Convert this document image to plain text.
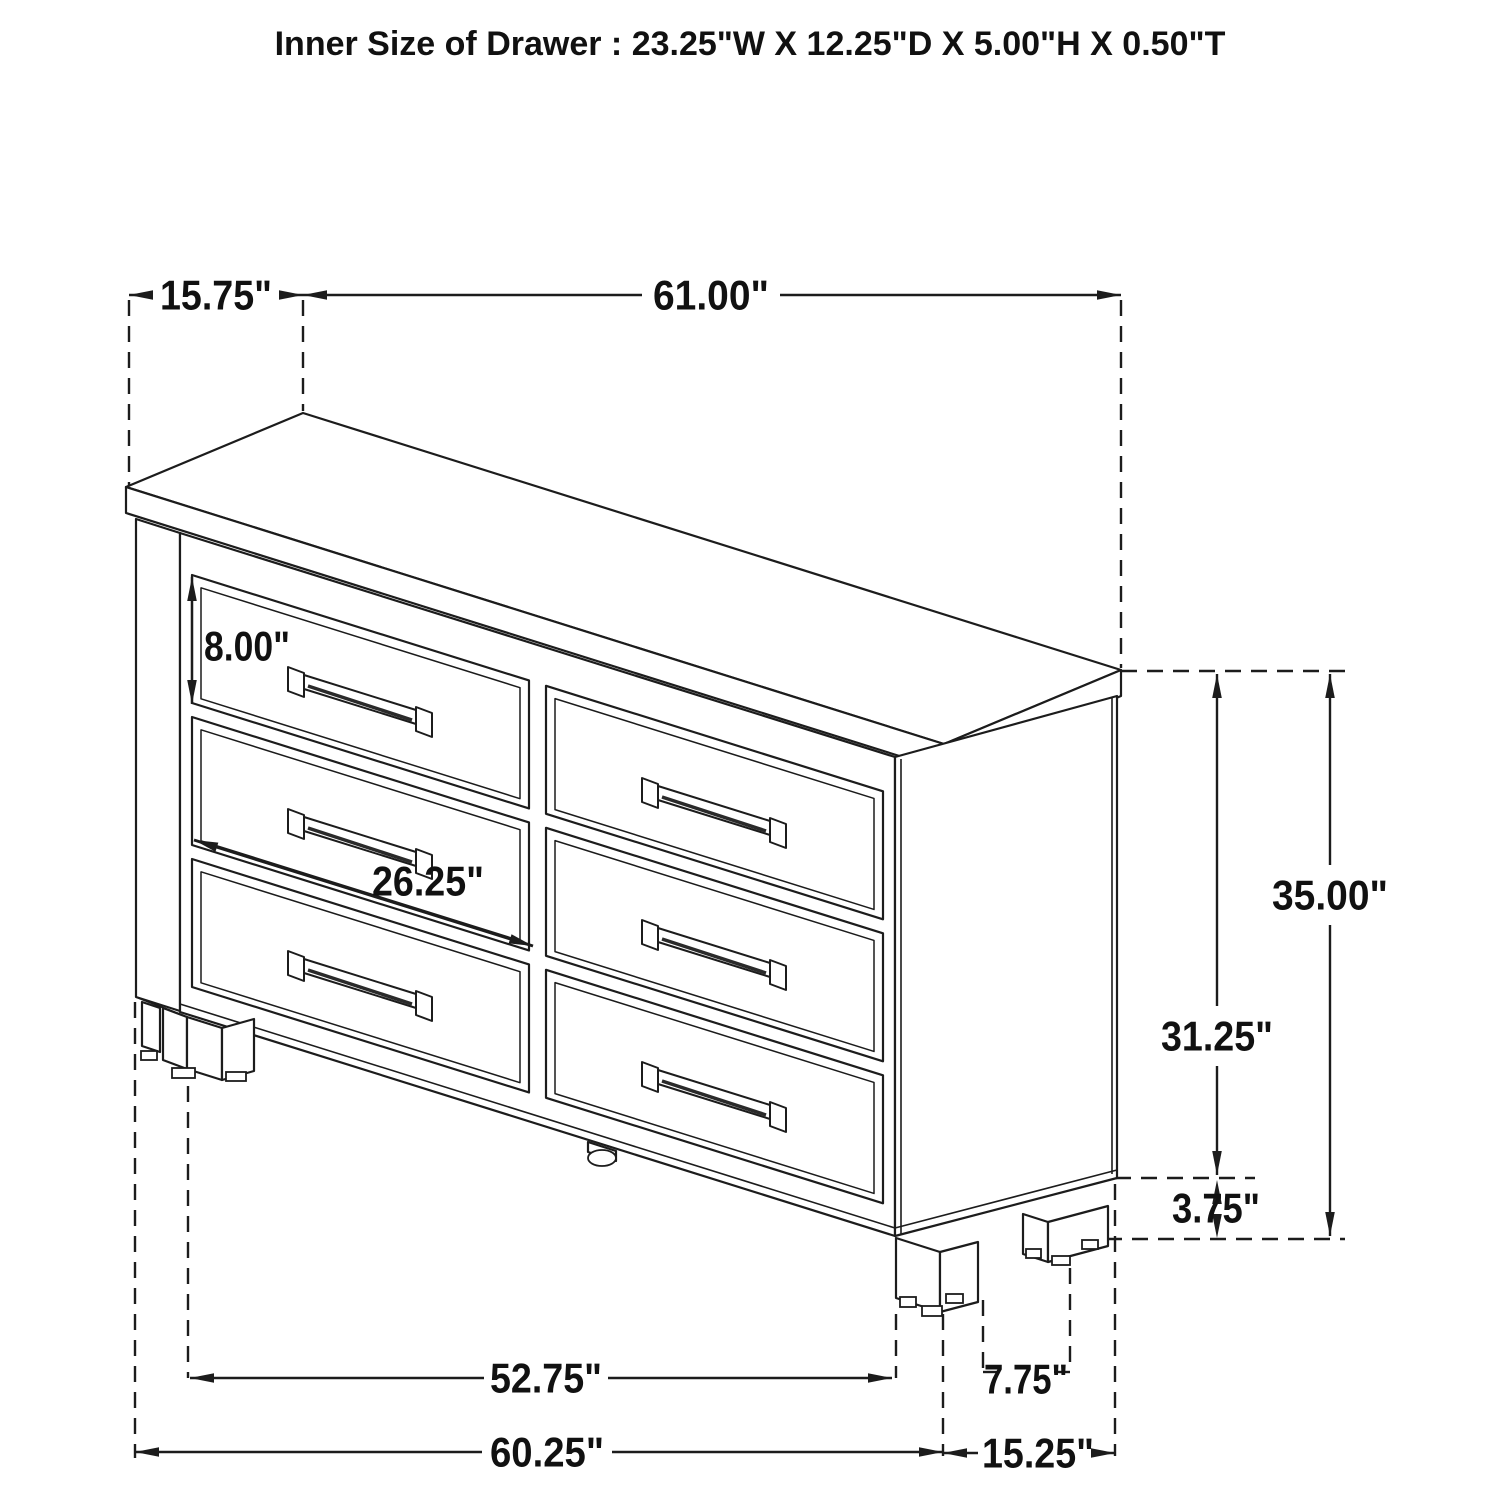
Inner Size of Drawer : 23.25"W X 12.25"D X 5.00"H X 0.50"T
15.75"	61.00"
52.75"
60.25"	15.25"
31.25"
35.00"
8.00"
26.25"
3.75"
7.75"
